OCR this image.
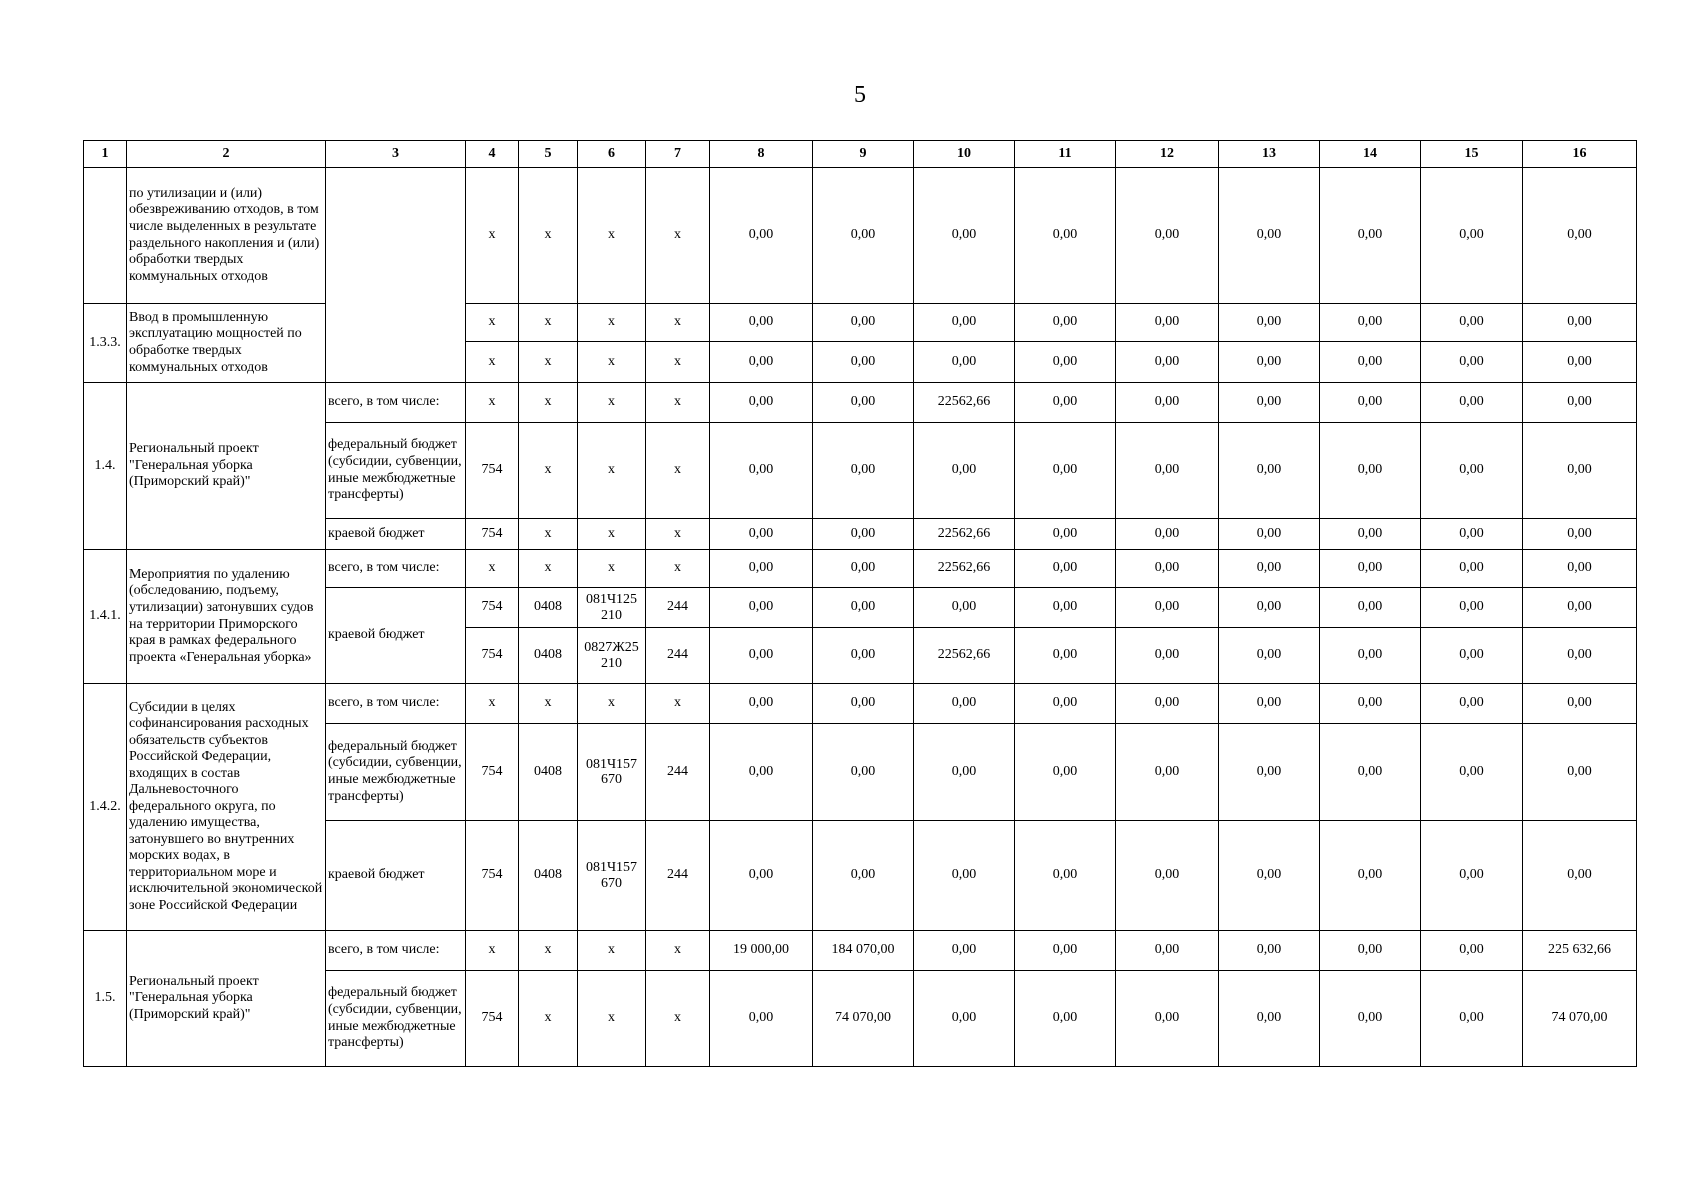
5
1	2	3	4	5	6	7	8	9	10	11	12	13	14	15	16
	по утилизации и (или) обезвреживанию отходов, в том числе выделенных в результате раздельного накопления и (или) обработки твердых коммунальных отходов		x	x	x	x	0,00	0,00	0,00	0,00	0,00	0,00	0,00	0,00	0,00
1.3.3.	Ввод в промышленную эксплуатацию мощностей по обработке твердых коммунальных отходов		x	x	x	x	0,00	0,00	0,00	0,00	0,00	0,00	0,00	0,00	0,00
			x	x	x	x	0,00	0,00	0,00	0,00	0,00	0,00	0,00	0,00	0,00
1.4.	Региональный проект "Генеральная уборка (Приморский край)"	всего, в том числе:	x	x	x	x	0,00	0,00	22562,66	0,00	0,00	0,00	0,00	0,00	0,00
		федеральный бюджет (субсидии, субвенции, иные межбюджетные трансферты)	754	x	x	x	0,00	0,00	0,00	0,00	0,00	0,00	0,00	0,00	0,00
		краевой бюджет	754	x	x	x	0,00	0,00	22562,66	0,00	0,00	0,00	0,00	0,00	0,00
1.4.1.	Мероприятия по удалению (обследованию, подъему, утилизации) затонувших судов на территории Приморского края в рамках федерального проекта «Генеральная уборка»	всего, в том числе:	x	x	x	x	0,00	0,00	22562,66	0,00	0,00	0,00	0,00	0,00	0,00
		краевой бюджет	754	0408	081Ч125 210	244	0,00	0,00	0,00	0,00	0,00	0,00	0,00	0,00	0,00
			754	0408	0827Ж25 210	244	0,00	0,00	22562,66	0,00	0,00	0,00	0,00	0,00	0,00
1.4.2.	Субсидии в целях софинансирования расходных обязательств субъектов Российской Федерации, входящих в состав Дальневосточного федерального округа, по удалению имущества, затонувшего во внутренних морских водах, в территориальном море и исключительной экономической зоне Российской Федерации	всего, в том числе:	x	x	x	x	0,00	0,00	0,00	0,00	0,00	0,00	0,00	0,00	0,00
		федеральный бюджет (субсидии, субвенции, иные межбюджетные трансферты)	754	0408	081Ч157 670	244	0,00	0,00	0,00	0,00	0,00	0,00	0,00	0,00	0,00
		краевой бюджет	754	0408	081Ч157 670	244	0,00	0,00	0,00	0,00	0,00	0,00	0,00	0,00	0,00
1.5.	Региональный проект "Генеральная уборка (Приморский край)"	всего, в том числе:	x	x	x	x	19 000,00	184 070,00	0,00	0,00	0,00	0,00	0,00	0,00	225 632,66
		федеральный бюджет (субсидии, субвенции, иные межбюджетные трансферты)	754	x	x	x	0,00	74 070,00	0,00	0,00	0,00	0,00	0,00	0,00	74 070,00
